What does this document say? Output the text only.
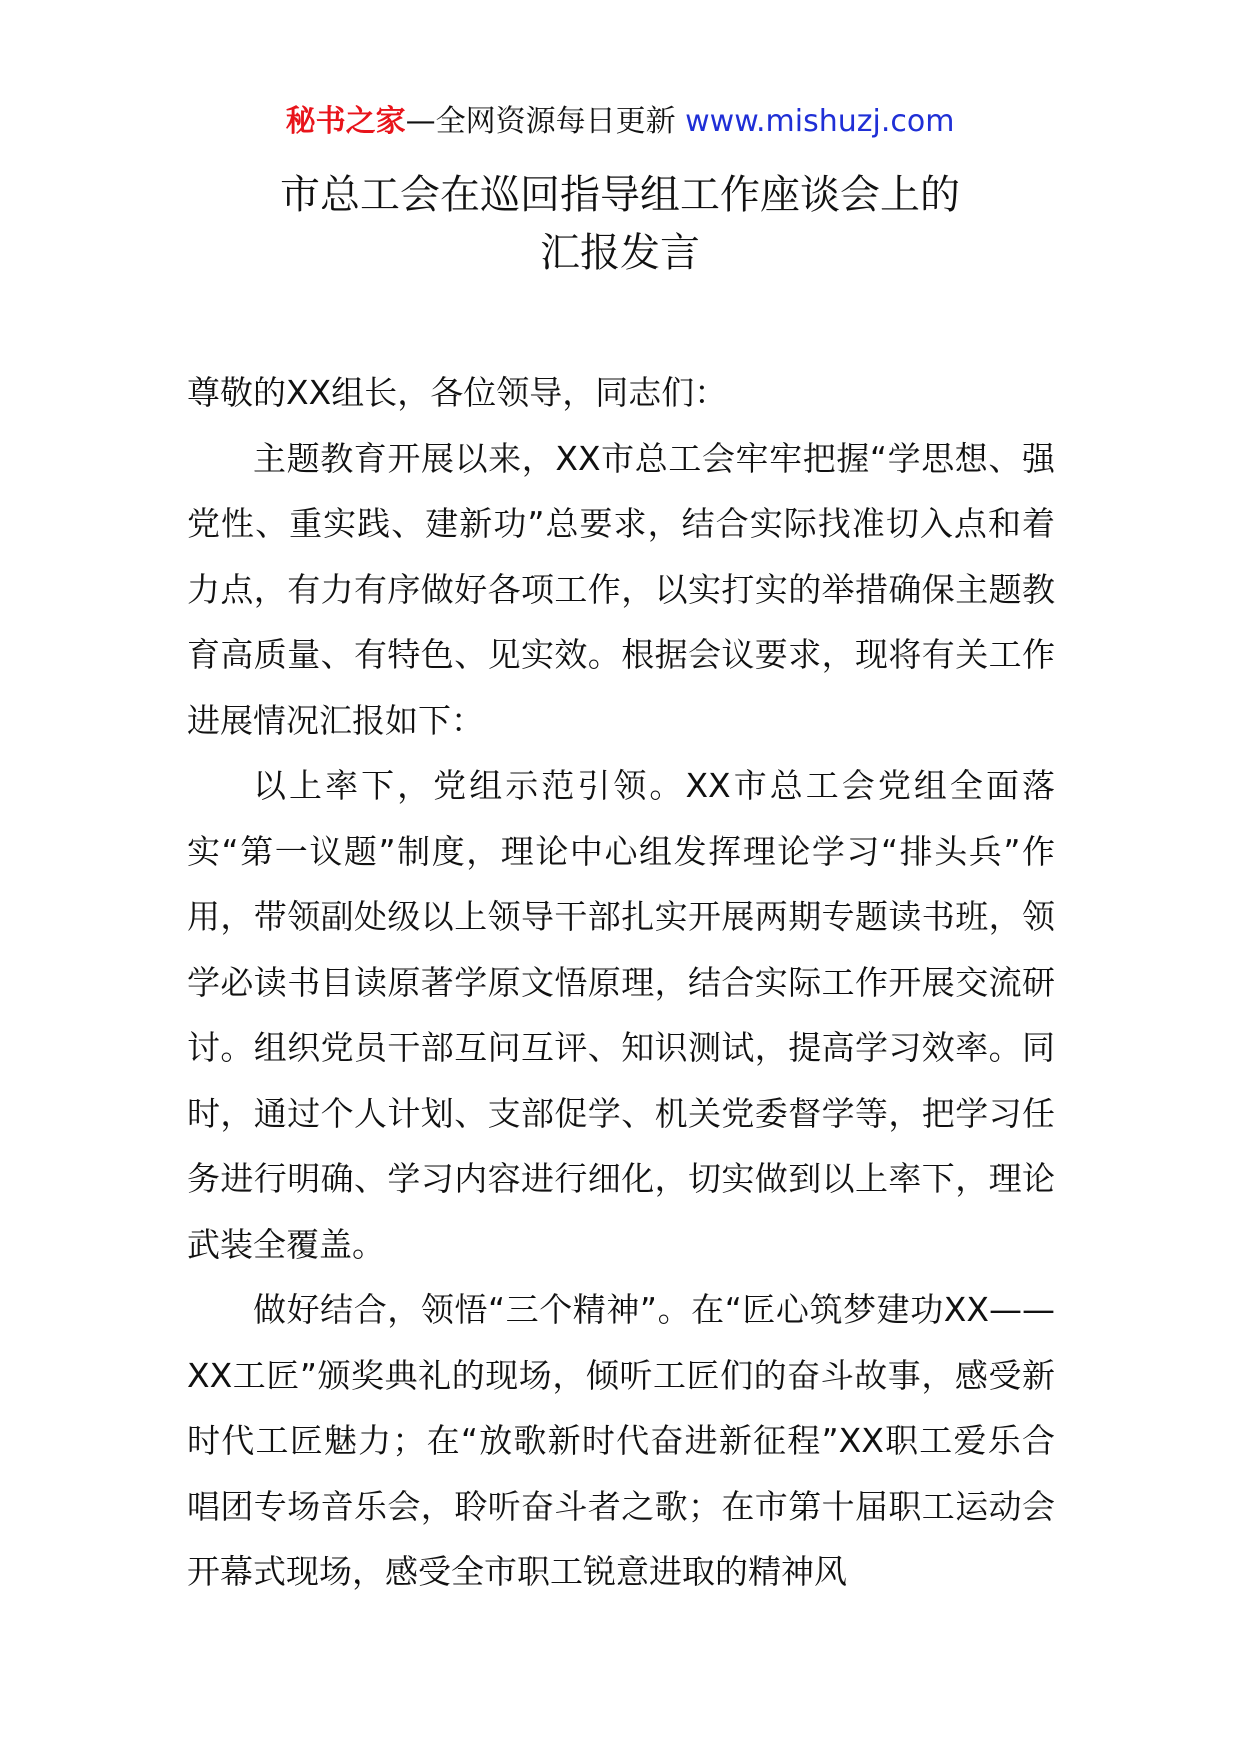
秘书之家—全网资源每日更新 www.mishuzj.com
市总工会在巡回指导组工作座谈会上的
汇报发言

尊敬的XX组长，各位领导，同志们：

主题教育开展以来，XX市总工会牢牢把握“学思想、强党性、重实践、建新功”总要求，结合实际找准切入点和着力点，有力有序做好各项工作，以实打实的举措确保主题教育高质量、有特色、见实效。根据会议要求，现将有关工作进展情况汇报如下：

以上率下，党组示范引领。XX市总工会党组全面落实“第一议题”制度，理论中心组发挥理论学习“排头兵”作用，带领副处级以上领导干部扎实开展两期专题读书班，领学必读书目读原著学原文悟原理，结合实际工作开展交流研讨。组织党员干部互问互评、知识测试，提高学习效率。同时，通过个人计划、支部促学、机关党委督学等，把学习任务进行明确、学习内容进行细化，切实做到以上率下，理论武装全覆盖。

做好结合，领悟“三个精神”。在“匠心筑梦建功XX——XX工匠”颁奖典礼的现场，倾听工匠们的奋斗故事，感受新时代工匠魅力；在“放歌新时代奋进新征程”XX职工爱乐合唱团专场音乐会，聆听奋斗者之歌；在市第十届职工运动会开幕式现场，感受全市职工锐意进取的精神风
